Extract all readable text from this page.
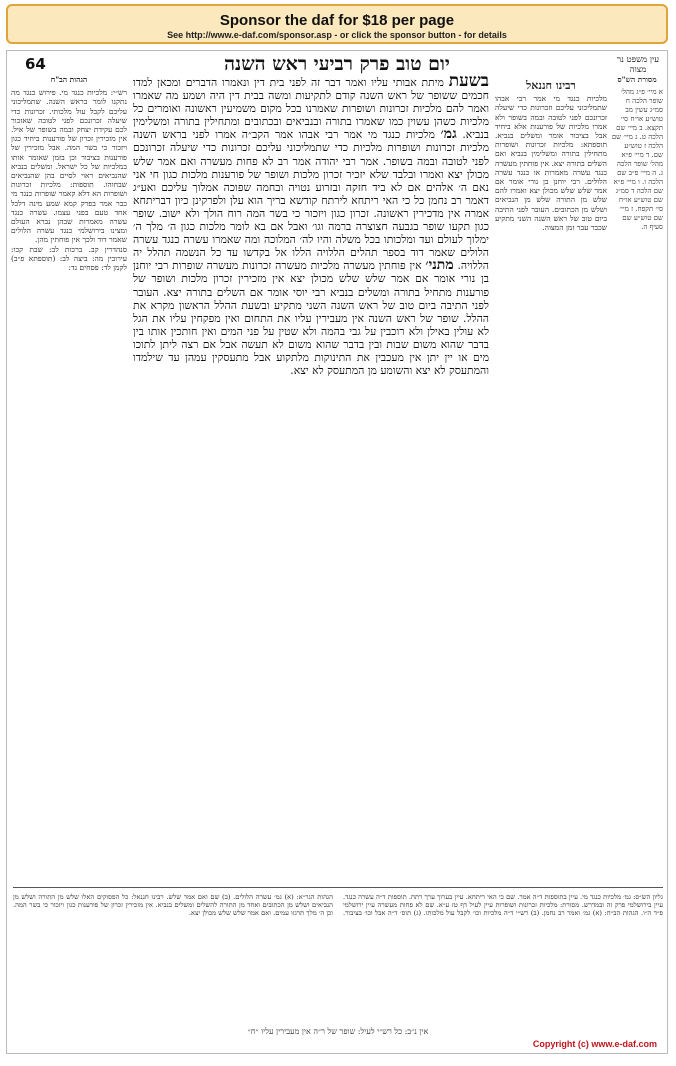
Sponsor the daf for $18 per page
See http://www.e-daf.com/sponsor.asp - or click the sponsor button - for details
64	יום טוב פרק רביעי ראש השנה	עין משפט נר מצוה
מסורת הש"ס
א מיי׳ פ״ג מהל׳ שופר הלכה ח סמ״ג עשין מב טוש״ע או״ח סי׳ תקצא. ב מיי׳ שם הלכה ט. ג מיי׳ שם הלכה ז טוש״ע שם. ד מיי׳ פ״א מהל׳ שופר הלכה ג. ה מיי׳ פ״ב שם הלכה ו. ו מיי׳ פ״א שם הלכה ד סמ״ג שם טוש״ע או״ח סי׳ תקפח. ז מיי׳ שם טוש״ע שם סעיף ה.
רבינו חננאל
מלכיות כנגד מי אמר רבי אבהו שתמליכוני עליכם וזכרונות כדי שיעלה זכרונכם לפני לטובה ובמה בשופר ולא אמרו מלכיות של פורענות אלא ביחיד אבל בציבור אומר ומשלים בנביא. תוספתא: מלכיות זכרונות ושופרות מתחילין בתורה ומשלימין בנביא ואם השלים בתורה יצא. אין פוחתין מעשרה כנגד עשרה מאמרות או כנגד עשרה הלולים. רבי יוחנן בן נורי אומר אם אמר שלש שלש מכולן יצא ואמרו להם שלש מן התורה שלש מן הנביאים ושלש מן הכתובים. העובר לפני התיבה ביום טוב של ראש השנה השני מתקיע שכבר עבר זמן המצוה.
בשעת מיתת אבותי עליו ואמר דבר זה לפני בית דין ונאמרו הדברים ומכאן למדו חכמים ששופר של ראש השנה קודם לתקיעות ומשה בבית דין היה ושמע מה שאמרו ואמר להם מלכיות זכרונות ושופרות שאמרנו בכל מקום משמיעין ראשונה ואומרים כל מלכיות כשהן עשוין כמו שאמרו בתורה ובנביאים ובכתובים ומתחילין בתורה ומשלימין בנביא. גמ׳ מלכיות כנגד מי אמר רבי אבהו אמר הקב״ה אמרו לפני בראש השנה מלכיות זכרונות ושופרות מלכיות כדי שתמליכוני עליכם זכרונות כדי שיעלה זכרונכם לפני לטובה ובמה בשופר. אמר רבי יהודה אמר רב לא פחות מעשרה ואם אמר שלש מכולן יצא ואמרו ובלבד שלא יזכיר זכרון מלכות ושופר של פורענות מלכות כגון חי אני נאם ה׳ אלהים אם לא ביד חזקה ובזרוע נטויה ובחמה שפוכה אמלוך עליכם ואע״ג דאמר רב נחמן כל כי האי ריתחא לירתח קודשא בריך הוא עלן ולפרקינן כיון דבריתחא אמרה אין מדכירין ראשונה. זכרון כגון ויזכור כי בשר המה רוח הולך ולא ישוב. שופר כגון תקעו שופר בגבעה חצוצרה ברמה וגו׳ ואבל אם בא לומר מלכות כגון ה׳ מלך ה׳ ימלוך לעולם ועד ומלכותו בכל משלה והיו לה׳ המלוכה ומה שאמרו עשרה כנגד עשרה הלולים שאמר דוד בספר תהלים הללויה הללו אל בקדשו עד כל הנשמה תהלל יה הללויה. מתני׳ אין פוחתין מעשרה מלכיות מעשרה זכרונות מעשרה שופרות רבי יוחנן בן נורי אומר אם אמר שלש שלש מכולן יצא אין מזכירין זכרון מלכות ושופר של פורענות מתחיל בתורה ומשלים בנביא רבי יוסי אומר אם השלים בתורה יצא. העובר לפני התיבה ביום טוב של ראש השנה השני מתקיע ובשעת ההלל הראשון מקרא את ההלל. שופר של ראש השנה אין מעבירין עליו את התחום ואין מפקחין עליו את הגל לא עולין באילן ולא רוכבין על גבי בהמה ולא שטין על פני המים ואין חותכין אותו בין בדבר שהוא משום שבות ובין בדבר שהוא משום לא תעשה אבל אם רצה ליתן לתוכו מים או יין יתן אין מעכבין את התינוקות מלתקוע אבל מתעסקין עמהן עד שילמדו והמתעסק לא יצא והשומע מן המתעסק לא יצא.
הגהות הב"ח
רש״י: מלכיות כנגד מי. פירוש כנגד מה נתקנו לומר בראש השנה. שתמליכוני עליכם לקבל עול מלכותי. זכרונות כדי שיעלה זכרונכם לפני לטובה שאזכור לכם עקידת יצחק ובמה בשופר של איל. אין מזכירין זכרון של פורענות ביחיד כגון ויזכור כי בשר המה. אבל מזכירין של פורענות בציבור וכן בזמן שאומר אותו במלכיות של כל ישראל. ומשלים בנביא שהנביאים ראוי לסיים בהן שהנביאים שבחוהו. תוספות: מלכיות זכרונות ושופרות הא דלא קאמר שופרות כנגד מי כבר אמר בפרק קמא שמע מינה דלכל אחד טעם בפני עצמו. עשרה כנגד עשרה מאמרות שבהן נברא העולם ומצינו בירושלמי כנגד עשרה הלולים שאמר דוד ולכך אין פוחתין מהן.
סנהדרין קב. ברכות לב: שבת קכו: עירובין מה: ביצה לב: (תוספתא פ״ב) לקמן לד: פסחים נד:
גליון הש״ס: גמ׳ מלכיות כנגד מי. עיין בתוספות ד״ה אמר. שם כי האי ריתחא. עיין בערוך ערך רתח. תוספות ד״ה עשרה כנגד. עיין בירושלמי פרק זה ובמדרש. מסורת: מלכיות זכרונות ושופרות עיין לעיל דף טז ע״א. שם לא פחות מעשרה עיין ירושלמי פ״ד ה״ו. הגהות הב״ח: (א) גמ׳ ואמר רב נחמן. (ב) רש״י ד״ה מלכיות וכו׳ לקבל עול מלכותו. (ג) תוס׳ ד״ה אבל וכו׳ בציבור. הגהות הגר״א: (א) גמ׳ עשרה הלולים. (ב) שם ואם אמר שלש. רבינו חננאל: כל הפסוקים האלו שלש מן התורה ושלש מן הנביאים ושלש מן הכתובים ואחד מן התורה להשלים ומשלים בנביא. אין מזכירין זכרון של פורענות כגון ויזכור כי בשר המה. וכן ה׳ מלך תרגזו עמים. ואם אמר שלש שלש מכולן יצא.
אין נ״ב: כל רש״י לעיל: שופר של ר״ה אין מעבירין עליו ״ח״
Copyright (c) www.e-daf.com
